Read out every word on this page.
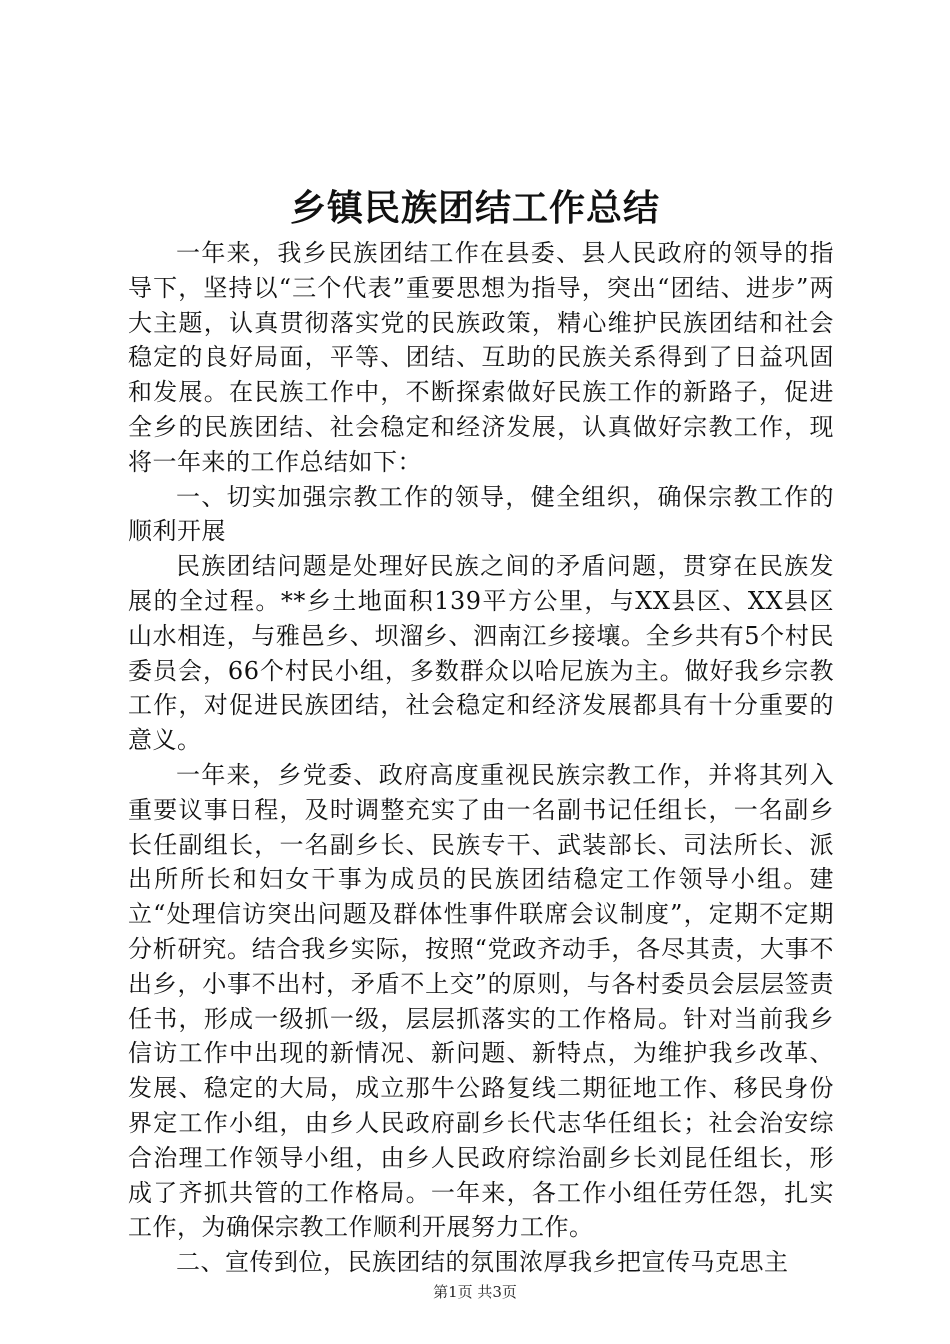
乡镇民族团结工作总结

一年来，我乡民族团结工作在县委、县人民政府的领导的指导下，坚持以“三个代表”重要思想为指导，突出“团结、进步”两大主题，认真贯彻落实党的民族政策，精心维护民族团结和社会稳定的良好局面，平等、团结、互助的民族关系得到了日益巩固和发展。在民族工作中，不断探索做好民族工作的新路子，促进全乡的民族团结、社会稳定和经济发展，认真做好宗教工作，现将一年来的工作总结如下：

一、切实加强宗教工作的领导，健全组织，确保宗教工作的顺利开展

民族团结问题是处理好民族之间的矛盾问题，贯穿在民族发展的全过程。**乡土地面积139平方公里，与XX县区、XX县区山水相连，与雅邑乡、坝溜乡、泗南江乡接壤。全乡共有5个村民委员会，66个村民小组，多数群众以哈尼族为主。做好我乡宗教工作，对促进民族团结，社会稳定和经济发展都具有十分重要的意义。

一年来，乡党委、政府高度重视民族宗教工作，并将其列入重要议事日程，及时调整充实了由一名副书记任组长，一名副乡长任副组长，一名副乡长、民族专干、武装部长、司法所长、派出所所长和妇女干事为成员的民族团结稳定工作领导小组。建立“处理信访突出问题及群体性事件联席会议制度”，定期不定期分析研究。结合我乡实际，按照“党政齐动手，各尽其责，大事不出乡，小事不出村，矛盾不上交”的原则，与各村委员会层层签责任书，形成一级抓一级，层层抓落实的工作格局。针对当前我乡信访工作中出现的新情况、新问题、新特点，为维护我乡改革、发展、稳定的大局，成立那牛公路复线二期征地工作、移民身份界定工作小组，由乡人民政府副乡长代志华任组长；社会治安综合治理工作领导小组，由乡人民政府综治副乡长刘昆任组长，形成了齐抓共管的工作格局。一年来，各工作小组任劳任怨，扎实工作，为确保宗教工作顺利开展努力工作。

二、宣传到位，民族团结的氛围浓厚我乡把宣传马克思主

第1页 共3页
